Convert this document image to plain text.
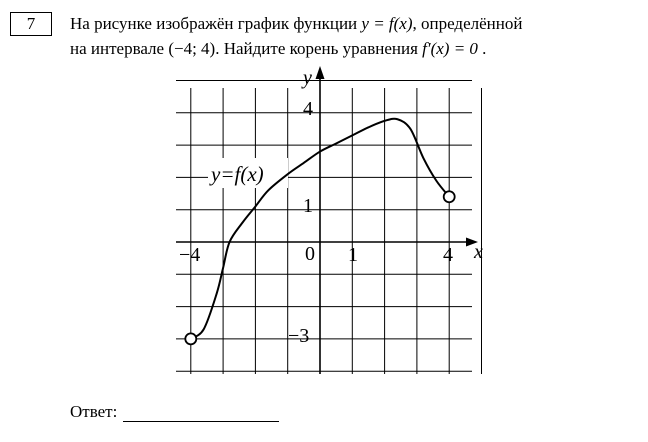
7 На рисунке изображён график функции y = f(x), определённой
на интервале (−4; 4). Найдите корень уравнения f′(x) = 0 .
y=f(x)
x
y
−4	0 1	4
4
1
−3
Ответ:
